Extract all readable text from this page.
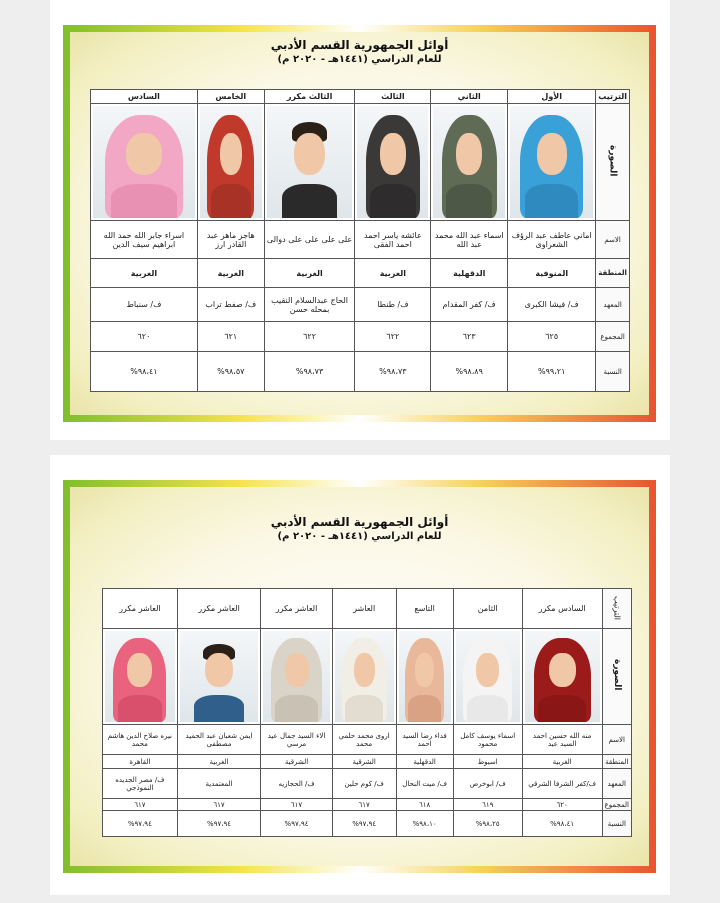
أوائل الجمهورية القسم الأدبي
للعام الدراسي (١٤٤١هـ - ٢٠٢٠ م)
الترتيب	الأول	الثاني	الثالث	الثالث مكرر	الخامس	السادس
الصورة	

الاسم	اماني عاطف عبد الرؤف الشعراوى	اسماء عبد الله محمد عبد الله	عائشه ياسر احمد احمد الفقى	على على على على دوالى	هاجر ماهر عبد القادر ارز	اسراء جابر الله حمد الله ابراهيم سيف الدين
المنطقة	المنوفية	الدقهلية	الغربية	الغربية	الغربية	الغربية
المعهد	ف/ فيشا الكبرى	ف/ كفر المقدام	ف/ طنطا	الحاج عبدالسلام النقيب بمحله حسن	ف/ صفط تراب	ف/ سنباط
المجموع	٦٢٥	٦٢٣	٦٢٢	٦٢٢	٦٢١	٦٢٠
النسبة	٩٩،٢١%	٩٨،٨٩%	٩٨،٧٣%	٩٨،٧٣%	٩٨،٥٧%	٩٨،٤١%
أوائل الجمهورية القسم الأدبي
للعام الدراسي (١٤٤١هـ - ٢٠٢٠ م)
الترتيب	السادس مكرر	الثامن	التاسع	العاشر	العاشر مكرر	العاشر مكرر	العاشر مكرر
الصورة	

الاسم	منه الله حسين احمد السيد عيد	اسماء يوسف كامل محمود	فداء رضا السيد احمد	اروى محمد حلمي محمد	الاء السيد جمال عيد مرسي	ايمن شعبان عبد الحميد مصطفى	نيره صلاح الدين هاشم محمد
المنطقة	الغربية	اسيوط	الدقهلية	الشرقية	الشرقية	الغربية	القاهرة
المعهد	ف/كفر الشرفا الشرقي	ف/ ابوخرص	ف/ ميت النحال	ف/ كوم حلين	ف/ الحجازيه	المعتمدية	ف/ مصر الجديده النموذجي
المجموع	٦٢٠	٦١٩	٦١٨	٦١٧	٦١٧	٦١٧	٦١٧
النسبة	٩٨،٤١%	٩٨،٢٥%	٩٨،١٠%	٩٧،٩٤%	٩٧،٩٤%	٩٧،٩٤%	٩٧،٩٤%
